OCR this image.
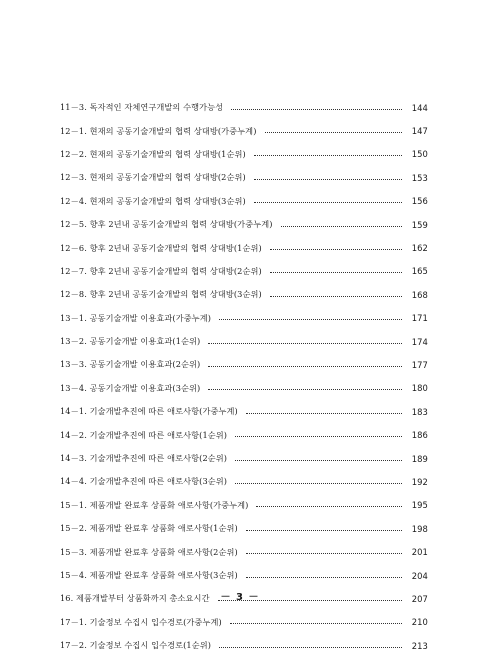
11－3. 독자적인 자체연구개발의 수행가능성	144
12－1. 현재의 공동기술개발의 협력 상대방(가중누계)	147
12－2. 현재의 공동기술개발의 협력 상대방(1순위)	150
12－3. 현재의 공동기술개발의 협력 상대방(2순위)	153
12－4. 현재의 공동기술개발의 협력 상대방(3순위)	156
12－5. 향후 2년내 공동기술개발의 협력 상대방(가중누계)	159
12－6. 향후 2년내 공동기술개발의 협력 상대방(1순위)	162
12－7. 향후 2년내 공동기술개발의 협력 상대방(2순위)	165
12－8. 향후 2년내 공동기술개발의 협력 상대방(3순위)	168
13－1. 공동기술개발 이용효과(가중누계)	171
13－2. 공동기술개발 이용효과(1순위)	174
13－3. 공동기술개발 이용효과(2순위)	177
13－4. 공동기술개발 이용효과(3순위)	180
14－1. 기술개발추진에 따른 애로사항(가중누계)	183
14－2. 기술개발추진에 따른 애로사항(1순위)	186
14－3. 기술개발추진에 따른 애로사항(2순위)	189
14－4. 기술개발추진에 따른 애로사항(3순위)	192
15－1. 제품개발 완료후 상품화 애로사항(가중누계)	195
15－2. 제품개발 완료후 상품화 애로사항(1순위)	198
15－3. 제품개발 완료후 상품화 애로사항(2순위)	201
15－4. 제품개발 완료후 상품화 애로사항(3순위)	204
16. 제품개발부터 상품화까지 총소요시간	207
17－1. 기술정보 수집시 입수경로(가중누계)	210
17－2. 기술정보 수집시 입수경로(1순위)	213
－ 3 －
